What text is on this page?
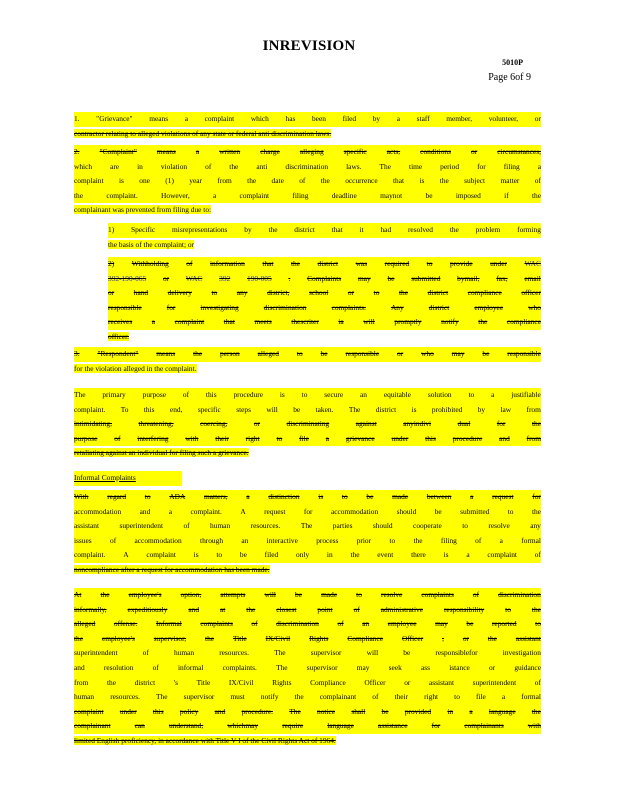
INREVISION
5010P
Page 6of 9
1. "Grievance" means a complaint which has been filed by a staff member, volunteer, or
contractor relating to alleged violations of any state or federal anti discrimination laws.
2.	"Complaint"	means	a	written	charge	alleging	specific	acts,	conditions	or	circumstances,
which are in violation of the anti discrimination laws. The time period for filing a
complaint is one (1) year from the date of the occurrence that is the subject matter of
the	complaint.	However,	a	complaint	filing	deadline	maynot	be	imposed	if	the
complainant was prevented from filing due to:
1) Specific misrepresentations by the district that it had resolved the problem forming
the basis of the complaint; or
2) Withholding of information that the district was required to provide under WAC
392-190-065 or WAC 392 190-005 . Complaints may be submitted bymail, fax, email
or	hand	delivery	to	any	district,	school	or	to	the	district	compliance	officer
responsible	for	investigating	discrimination	complaints.	Any	district	employee	who
receives	a	complaint	that	meets	thescriter	ia	will	promptly	notify	the	compliance
officer.
3. "Respondent" means the person alleged to be responsible or who may be responsible
for the violation alleged in the complaint.
The primary purpose of this procedure is to secure an equitable solution to a justifiable
complaint. To this end, specific steps will be taken. The district is prohibited by law from
intimidating,	threatening,	coercing,	or	discriminating	against	anyindivi	dual	for	the
purpose of interfering with their right to file a grievance under this procedure and from
retaliating against an individual for filing such a grievance.
Informal Complaints
With	regard	to	ADA	matters,	a	distinction	is	to	be	made	between	a	request	for
accommodation and a complaint. A request for accommodation should be submitted to the
assistant	superintendent	of	human	resources.	The	parties	should	cooperate	to	resolve	any
issues of accommodation through an interactive process prior to the filing of a formal
complaint. A complaint is to be filed only in the event there is a complaint of
noncompliance after a request for accommodation has been made.
At	the	employee's	option,	attempts	will	be	made	to	resolve	complaints	of	discrimination
informally,	expeditiously	and	at	the	closest	point	of	administrative	responsibility	to	the
alleged	offense.	Informal	complaints	of	discrimination	of	an	employee	may	be	reported	to
the	employee's	supervisor,	the	Title	IX/Civil	Rights	Compliance	Officer	,	or	the	assistant
superintendent	of	human	resources.	The	supervisor	will	be	responsiblefor	investigation
and	resolution	of	informal	complaints.	The	supervisor	may	seek	ass	istance	or	guidance
from	the	district	's	Title	IX/Civil	Rights	Compliance	Officer	or	assistant	superintendent	of
human resources. The supervisor must notify the complainant of their right to file a formal
complaint under this policy and procedure. The notice shall be provided in a language the
complainant	can	understand,	whichmay	require	language	assistance	for	complainants	with
limited English proficiency, in accordance with Title V I of the Civil Rights Act of 1964.
